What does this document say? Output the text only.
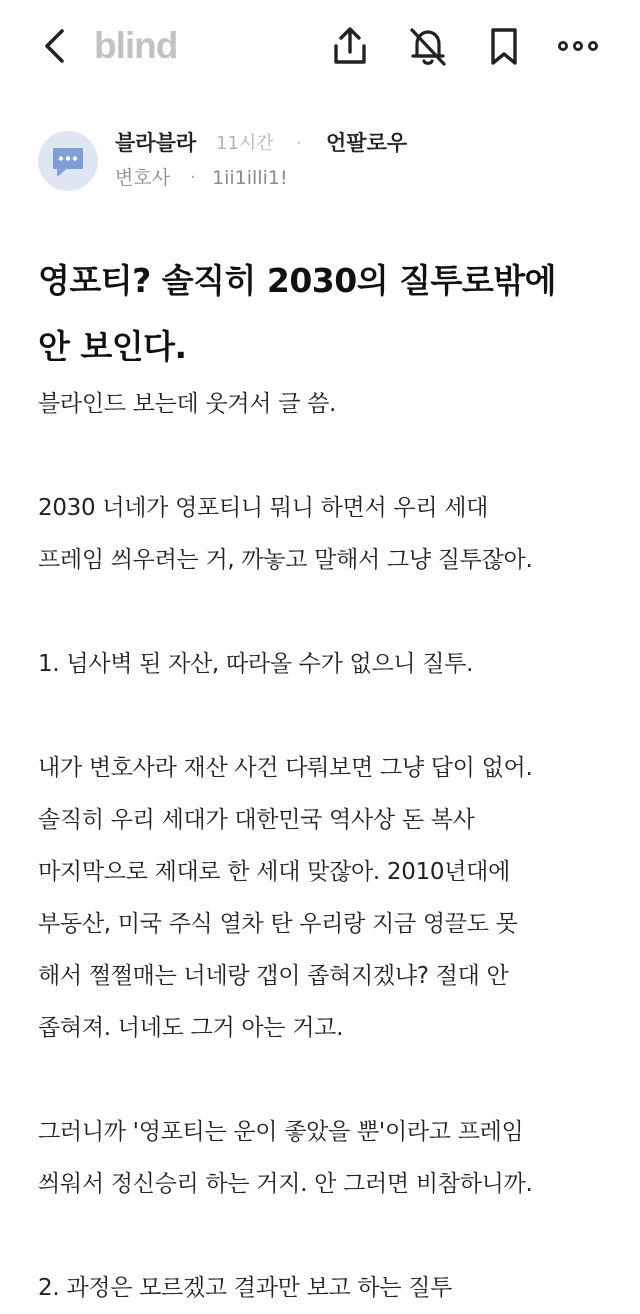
blind
블라블라 11시간 · 언팔로우
변호사 · 1ii1illi1!
영포티? 솔직히 2030의 질투로밖에
안 보인다.
블라인드 보는데 웃겨서 글 씀.
2030 너네가 영포티니 뭐니 하면서 우리 세대
프레임 씌우려는 거, 까놓고 말해서 그냥 질투잖아.
1. 넘사벽 된 자산, 따라올 수가 없으니 질투.
내가 변호사라 재산 사건 다뤄보면 그냥 답이 없어.
솔직히 우리 세대가 대한민국 역사상 돈 복사
마지막으로 제대로 한 세대 맞잖아. 2010년대에
부동산, 미국 주식 열차 탄 우리랑 지금 영끌도 못
해서 쩔쩔매는 너네랑 갭이 좁혀지겠냐? 절대 안
좁혀져. 너네도 그거 아는 거고.
그러니까 '영포티는 운이 좋았을 뿐'이라고 프레임
씌워서 정신승리 하는 거지. 안 그러면 비참하니까.
2. 과정은 모르겠고 결과만 보고 하는 질투
